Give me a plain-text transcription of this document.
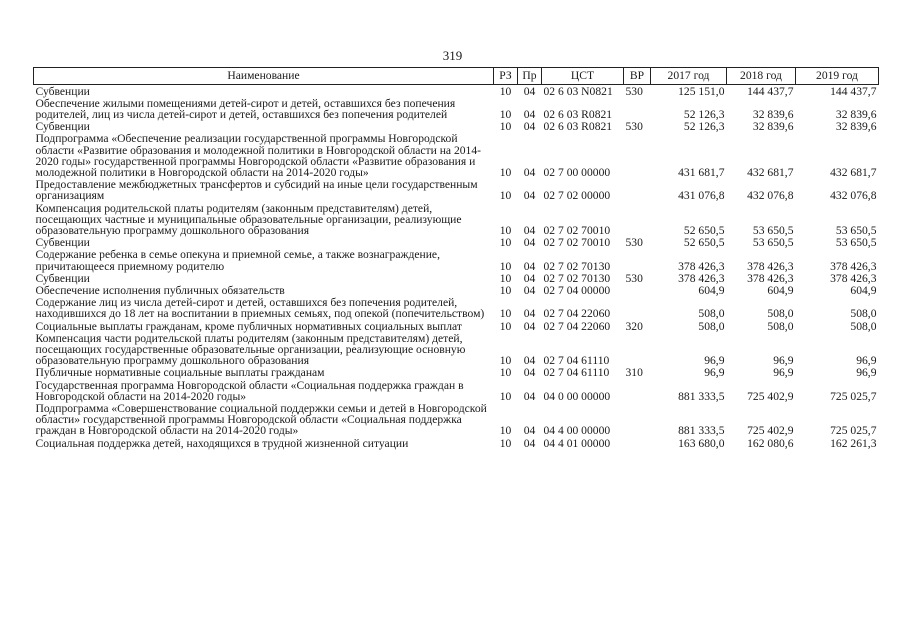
319
Наименование	РЗ	Пр	ЦСТ	ВР	2017 год	2018 год	2019 год
Субвенции	10	04	02 6 03 N0821	530	125 151,0	144 437,7	144 437,7
Обеспечение жилыми помещениями детей-сирот и детей, оставшихся без попечения родителей, лиц из числа детей-сирот и детей, оставшихся без попечения родителей	10	04	02 6 03 R0821		52 126,3	32 839,6	32 839,6
Субвенции	10	04	02 6 03 R0821	530	52 126,3	32 839,6	32 839,6
Подпрограмма «Обеспечение реализации государственной программы Новгородской области «Развитие образования и молодежной политики в Новгородской области на 2014-2020 годы» государственной программы Новгородской области «Развитие образования и молодежной политики в Новгородской области на 2014-2020 годы»	10	04	02 7 00 00000		431 681,7	432 681,7	432 681,7
Предоставление межбюджетных трансфертов и субсидий на иные цели государственным организациям	10	04	02 7 02 00000		431 076,8	432 076,8	432 076,8
Компенсация родительской платы родителям (законным представителям) детей, посещающих частные и муниципальные образовательные организации, реализующие образовательную программу дошкольного образования	10	04	02 7 02 70010		52 650,5	53 650,5	53 650,5
Субвенции	10	04	02 7 02 70010	530	52 650,5	53 650,5	53 650,5
Содержание ребенка в семье опекуна и приемной семье, а также вознаграждение, причитающееся приемному родителю	10	04	02 7 02 70130		378 426,3	378 426,3	378 426,3
Субвенции	10	04	02 7 02 70130	530	378 426,3	378 426,3	378 426,3
Обеспечение исполнения публичных обязательств	10	04	02 7 04 00000		604,9	604,9	604,9
Содержание лиц из числа детей-сирот и детей, оставшихся без попечения родителей, находившихся до 18 лет на воспитании в приемных семьях, под опекой (попечительством)	10	04	02 7 04 22060		508,0	508,0	508,0
Социальные выплаты гражданам, кроме публичных нормативных социальных выплат	10	04	02 7 04 22060	320	508,0	508,0	508,0
Компенсация части родительской платы родителям (законным представителям) детей, посещающих государственные образовательные организации, реализующие основную образовательную программу дошкольного образования	10	04	02 7 04 61110		96,9	96,9	96,9
Публичные нормативные социальные выплаты гражданам	10	04	02 7 04 61110	310	96,9	96,9	96,9
Государственная программа Новгородской области «Социальная поддержка граждан в Новгородской области на 2014-2020 годы»	10	04	04 0 00 00000		881 333,5	725 402,9	725 025,7
Подпрограмма «Совершенствование социальной поддержки семьи и детей в Новгородской области» государственной программы Новгородской области «Социальная поддержка граждан в Новгородской области на 2014-2020 годы»	10	04	04 4 00 00000		881 333,5	725 402,9	725 025,7
Социальная поддержка детей, находящихся в трудной жизненной ситуации	10	04	04 4 01 00000		163 680,0	162 080,6	162 261,3
